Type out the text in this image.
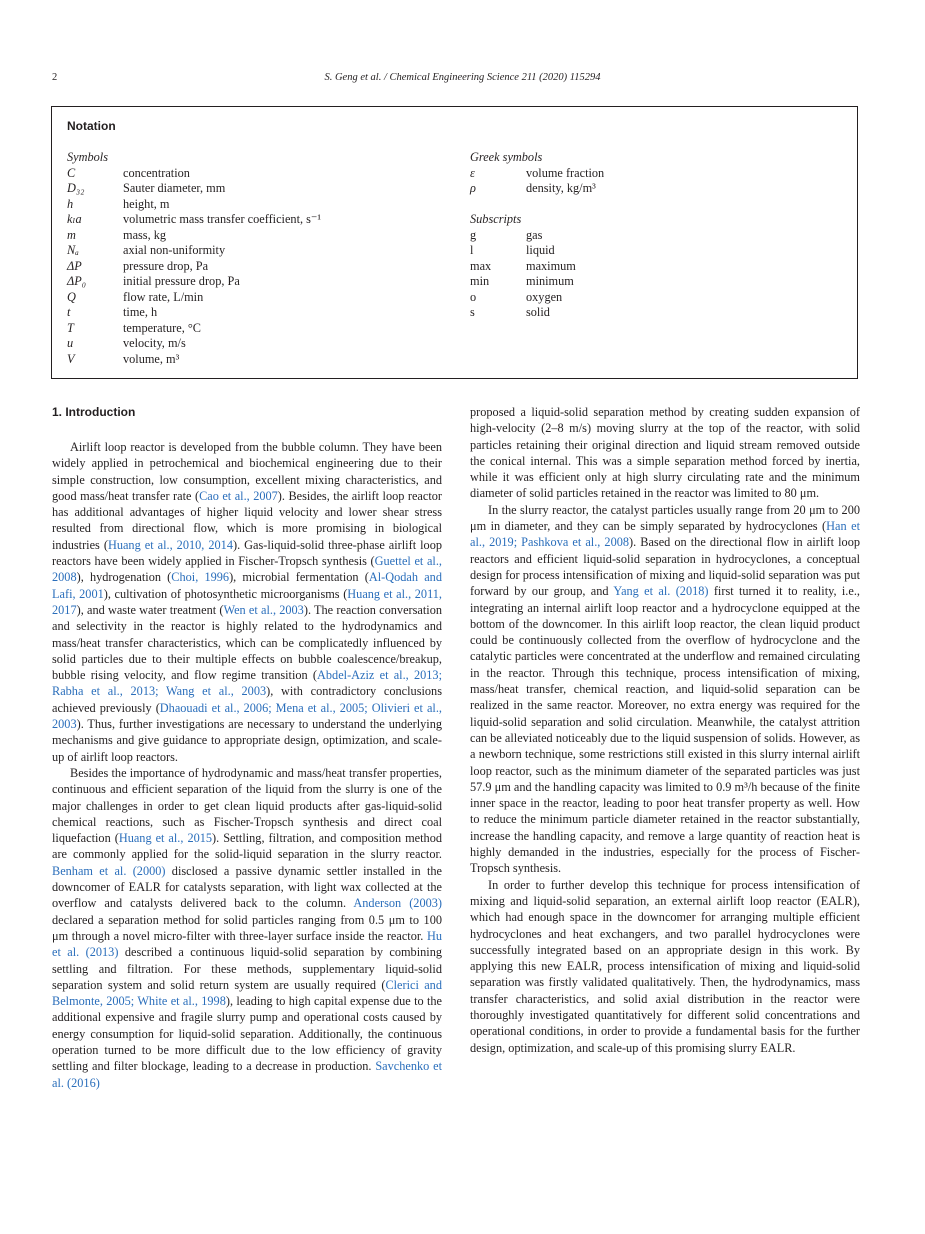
2	S. Geng et al. / Chemical Engineering Science 211 (2020) 115294
Notation
Symbols
C	concentration
D₃₂	Sauter diameter, mm
h	height, m
kₗa	volumetric mass transfer coefficient, s⁻¹
m	mass, kg
Nₐ	axial non-uniformity
ΔP	pressure drop, Pa
ΔP₀	initial pressure drop, Pa
Q	flow rate, L/min
t	time, h
T	temperature, °C
u	velocity, m/s
V	volume, m³
Greek symbols
ε	volume fraction
ρ	density, kg/m³
Subscripts
g	gas
l	liquid
max	maximum
min	minimum
o	oxygen
s	solid
1. Introduction

Airlift loop reactor is developed from the bubble column. They have been widely applied in petrochemical and biochemical engineering due to their simple construction, low consumption, excellent mixing characteristics, and good mass/heat transfer rate (Cao et al., 2007). Besides, the airlift loop reactor has additional advantages of higher liquid velocity and lower shear stress resulted from directional flow, which is more promising in biological industries (Huang et al., 2010, 2014). Gas-liquid-solid three-phase airlift loop reactors have been widely applied in Fischer-Tropsch synthesis (Guettel et al., 2008), hydrogenation (Choi, 1996), microbial fermentation (Al-Qodah and Lafi, 2001), cultivation of photosynthetic microorganisms (Huang et al., 2011, 2017), and waste water treatment (Wen et al., 2003). The reaction conversation and selectivity in the reactor is highly related to the hydrodynamics and mass/heat transfer characteristics, which can be complicatedly influenced by solid particles due to their multiple effects on bubble coalescence/breakup, bubble rising velocity, and flow regime transition (Abdel-Aziz et al., 2013; Rabha et al., 2013; Wang et al., 2003), with contradictory conclusions achieved previously (Dhaouadi et al., 2006; Mena et al., 2005; Olivieri et al., 2003). Thus, further investigations are necessary to understand the underlying mechanisms and give guidance to appropriate design, optimization, and scale-up of airlift loop reactors.

Besides the importance of hydrodynamic and mass/heat transfer properties, continuous and efficient separation of the liquid from the slurry is one of the major challenges in order to get clean liquid products after gas-liquid-solid chemical reactions, such as Fischer-Tropsch synthesis and direct coal liquefaction (Huang et al., 2015). Settling, filtration, and composition method are commonly applied for the solid-liquid separation in the slurry reactor. Benham et al. (2000) disclosed a passive dynamic settler installed in the downcomer of EALR for catalysts separation, with light wax collected at the overflow and catalysts delivered back to the column. Anderson (2003) declared a separation method for solid particles ranging from 0.5 μm to 100 μm through a novel micro-filter with three-layer surface inside the reactor. Hu et al. (2013) described a continuous liquid-solid separation by combining settling and filtration. For these methods, supplementary liquid-solid separation system and solid return system are usually required (Clerici and Belmonte, 2005; White et al., 1998), leading to high capital expense due to the additional expensive and fragile slurry pump and operational costs caused by energy consumption for liquid-solid separation. Additionally, the continuous operation turned to be more difficult due to the low efficiency of gravity settling and filter blockage, leading to a decrease in production. Savchenko et al. (2016)

proposed a liquid-solid separation method by creating sudden expansion of high-velocity (2–8 m/s) moving slurry at the top of the reactor, with solid particles retaining their original direction and liquid stream removed outside the conical internal. This was a simple separation method forced by inertia, while it was efficient only at high slurry circulating rate and the minimum diameter of solid particles retained in the reactor was limited to 80 μm.

In the slurry reactor, the catalyst particles usually range from 20 μm to 200 μm in diameter, and they can be simply separated by hydrocyclones (Han et al., 2019; Pashkova et al., 2008). Based on the directional flow in airlift loop reactors and efficient liquid-solid separation in hydrocyclones, a conceptual design for process intensification of mixing and liquid-solid separation was put forward by our group, and Yang et al. (2018) first turned it to reality, i.e., integrating an internal airlift loop reactor and a hydrocyclone equipped at the bottom of the downcomer. In this airlift loop reactor, the clean liquid product could be continuously collected from the overflow of hydrocyclone and the catalytic particles were concentrated at the underflow and remained circulating in the reactor. Through this technique, process intensification of mixing, mass/heat transfer, chemical reaction, and liquid-solid separation can be realized in the same reactor. Moreover, no extra energy was required for the liquid-solid separation and solid circulation. Meanwhile, the catalyst attrition can be alleviated noticeably due to the liquid suspension of solids. However, as a newborn technique, some restrictions still existed in this slurry internal airlift loop reactor, such as the minimum diameter of the separated particles was just 57.9 μm and the handling capacity was limited to 0.9 m³/h because of the finite inner space in the reactor, leading to poor heat transfer property as well. How to reduce the minimum particle diameter retained in the reactor substantially, increase the handling capacity, and remove a large quantity of reaction heat is highly demanded in the industries, especially for the process of Fischer-Tropsch synthesis.

In order to further develop this technique for process intensification of mixing and liquid-solid separation, an external airlift loop reactor (EALR), which had enough space in the downcomer for arranging multiple efficient hydrocyclones and heat exchangers, and two parallel hydrocyclones were successfully integrated based on an appropriate design in this work. By applying this new EALR, process intensification of mixing and liquid-solid separation was firstly validated qualitatively. Then, the hydrodynamics, mass transfer characteristics, and solid axial distribution in the reactor were thoroughly investigated quantitatively for different solid concentrations and operational conditions, in order to provide a fundamental basis for the further design, optimization, and scale-up of this promising slurry EALR.
